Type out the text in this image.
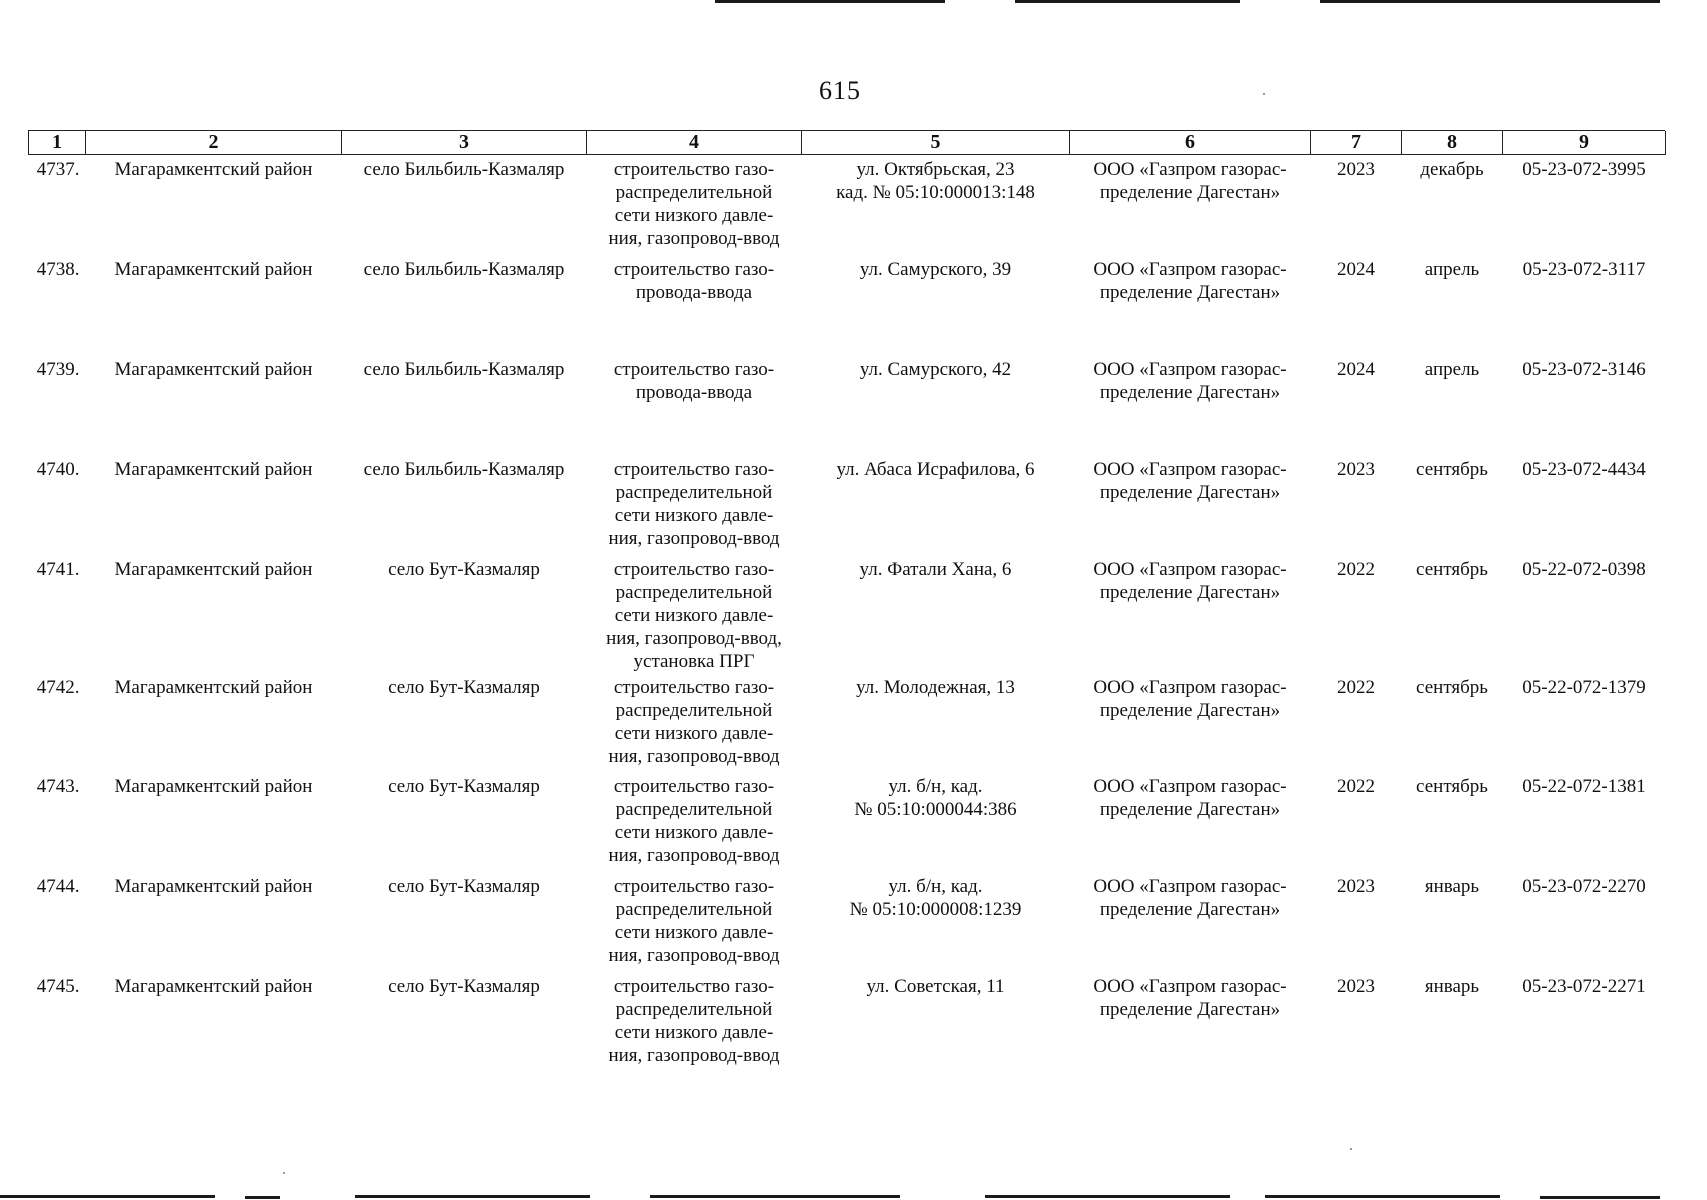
615
1	2	3	4	5	6	7	8	9
4737.	Магарамкентский район	село Бильбиль-Казмаляр	строительство газо-
распределительной
сети низкого давле-
ния, газопровод-ввод	ул. Октябрьская, 23
кад. № 05:10:000013:148	ООО «Газпром газорас-
пределение Дагестан»	2023	декабрь	05-23-072-3995
4738.	Магарамкентский район	село Бильбиль-Казмаляр	строительство газо-
провода-ввода	ул. Самурского, 39	ООО «Газпром газорас-
пределение Дагестан»	2024	апрель	05-23-072-3117
4739.	Магарамкентский район	село Бильбиль-Казмаляр	строительство газо-
провода-ввода	ул. Самурского, 42	ООО «Газпром газорас-
пределение Дагестан»	2024	апрель	05-23-072-3146
4740.	Магарамкентский район	село Бильбиль-Казмаляр	строительство газо-
распределительной
сети низкого давле-
ния, газопровод-ввод	ул. Абаса Исрафилова, 6	ООО «Газпром газорас-
пределение Дагестан»	2023	сентябрь	05-23-072-4434
4741.	Магарамкентский район	село Бут-Казмаляр	строительство газо-
распределительной
сети низкого давле-
ния, газопровод-ввод,
установка ПРГ	ул. Фатали Хана, 6	ООО «Газпром газорас-
пределение Дагестан»	2022	сентябрь	05-22-072-0398
4742.	Магарамкентский район	село Бут-Казмаляр	строительство газо-
распределительной
сети низкого давле-
ния, газопровод-ввод	ул. Молодежная, 13	ООО «Газпром газорас-
пределение Дагестан»	2022	сентябрь	05-22-072-1379
4743.	Магарамкентский район	село Бут-Казмаляр	строительство газо-
распределительной
сети низкого давле-
ния, газопровод-ввод	ул. б/н, кад.
№ 05:10:000044:386	ООО «Газпром газорас-
пределение Дагестан»	2022	сентябрь	05-22-072-1381
4744.	Магарамкентский район	село Бут-Казмаляр	строительство газо-
распределительной
сети низкого давле-
ния, газопровод-ввод	ул. б/н, кад.
№ 05:10:000008:1239	ООО «Газпром газорас-
пределение Дагестан»	2023	январь	05-23-072-2270
4745.	Магарамкентский район	село Бут-Казмаляр	строительство газо-
распределительной
сети низкого давле-
ния, газопровод-ввод	ул. Советская, 11	ООО «Газпром газорас-
пределение Дагестан»	2023	январь	05-23-072-2271
